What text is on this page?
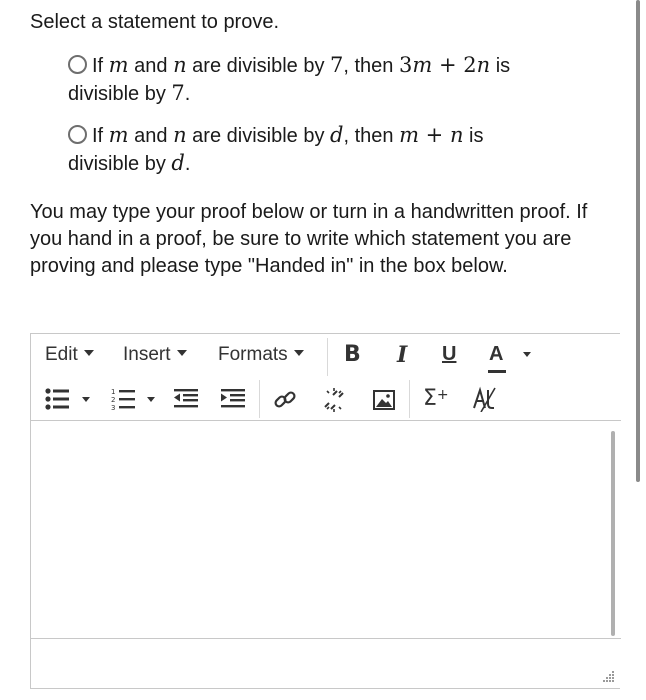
Select a statement to prove.
If m and n are divisible by 7, then 3m + 2n is
divisible by 7.
If m and n are divisible by d, then m + n is
divisible by d.
You may type your proof below or turn in a handwritten proof. If you hand in a proof, be sure to write which statement you are proving and please type "Handed in" in the box below.
Edit	Insert	Formats	B I U A
1
2
3	Σ+
